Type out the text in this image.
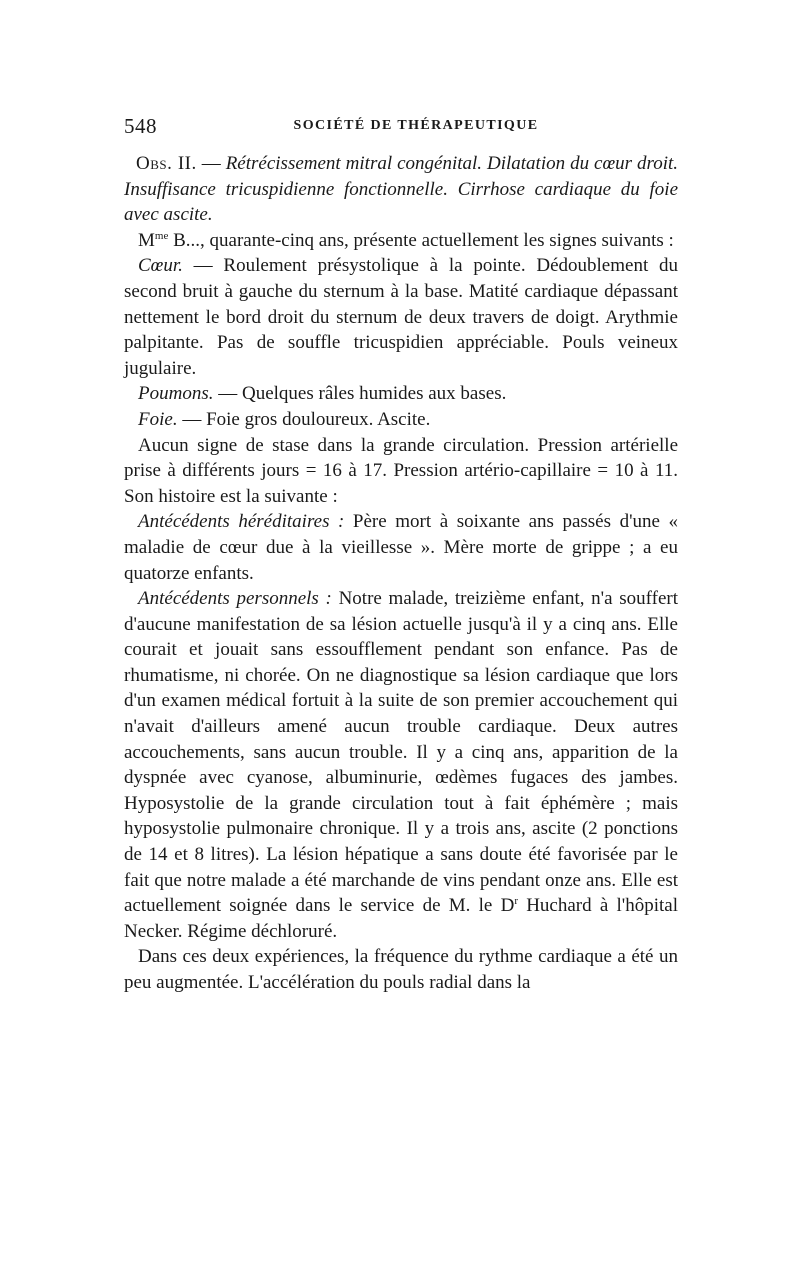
548	SOCIÉTÉ DE THÉRAPEUTIQUE

Obs. II. — Rétrécissement mitral congénital. Dilatation du cœur droit. Insuffisance tricuspidienne fonctionnelle. Cirrhose cardiaque du foie avec ascite.

$M^{me}$ B..., quarante-cinq ans, présente actuellement les signes suivants :

Cœur. — Roulement présystolique à la pointe. Dédoublement du second bruit à gauche du sternum à la base. Matité cardiaque dépassant nettement le bord droit du sternum de deux travers de doigt. Arythmie palpitante. Pas de souffle tricuspidien appréciable. Pouls veineux jugulaire.

Poumons. — Quelques râles humides aux bases.

Foie. — Foie gros douloureux. Ascite.

Aucun signe de stase dans la grande circulation. Pression artérielle prise à différents jours = 16 à 17. Pression artério-capillaire = 10 à 11. Son histoire est la suivante :

Antécédents héréditaires : Père mort à soixante ans passés d'une « maladie de cœur due à la vieillesse ». Mère morte de grippe ; a eu quatorze enfants.

Antécédents personnels : Notre malade, treizième enfant, n'a souffert d'aucune manifestation de sa lésion actuelle jusqu'à il y a cinq ans. Elle courait et jouait sans essoufflement pendant son enfance. Pas de rhumatisme, ni chorée. On ne diagnostique sa lésion cardiaque que lors d'un examen médical fortuit à la suite de son premier accouchement qui n'avait d'ailleurs amené aucun trouble cardiaque. Deux autres accouchements, sans aucun trouble. Il y a cinq ans, apparition de la dyspnée avec cyanose, albuminurie, œdèmes fugaces des jambes. Hyposystolie de la grande circulation tout à fait éphémère ; mais hyposystolie pulmonaire chronique. Il y a trois ans, ascite (2 ponctions de 14 et 8 litres). La lésion hépatique a sans doute été favorisée par le fait que notre malade a été marchande de vins pendant onze ans. Elle est actuellement soignée dans le service de M. le $D^r$ Huchard à l'hôpital Necker. Régime déchloruré.

Dans ces deux expériences, la fréquence du rythme cardiaque a été un peu augmentée. L'accélération du pouls radial dans la
